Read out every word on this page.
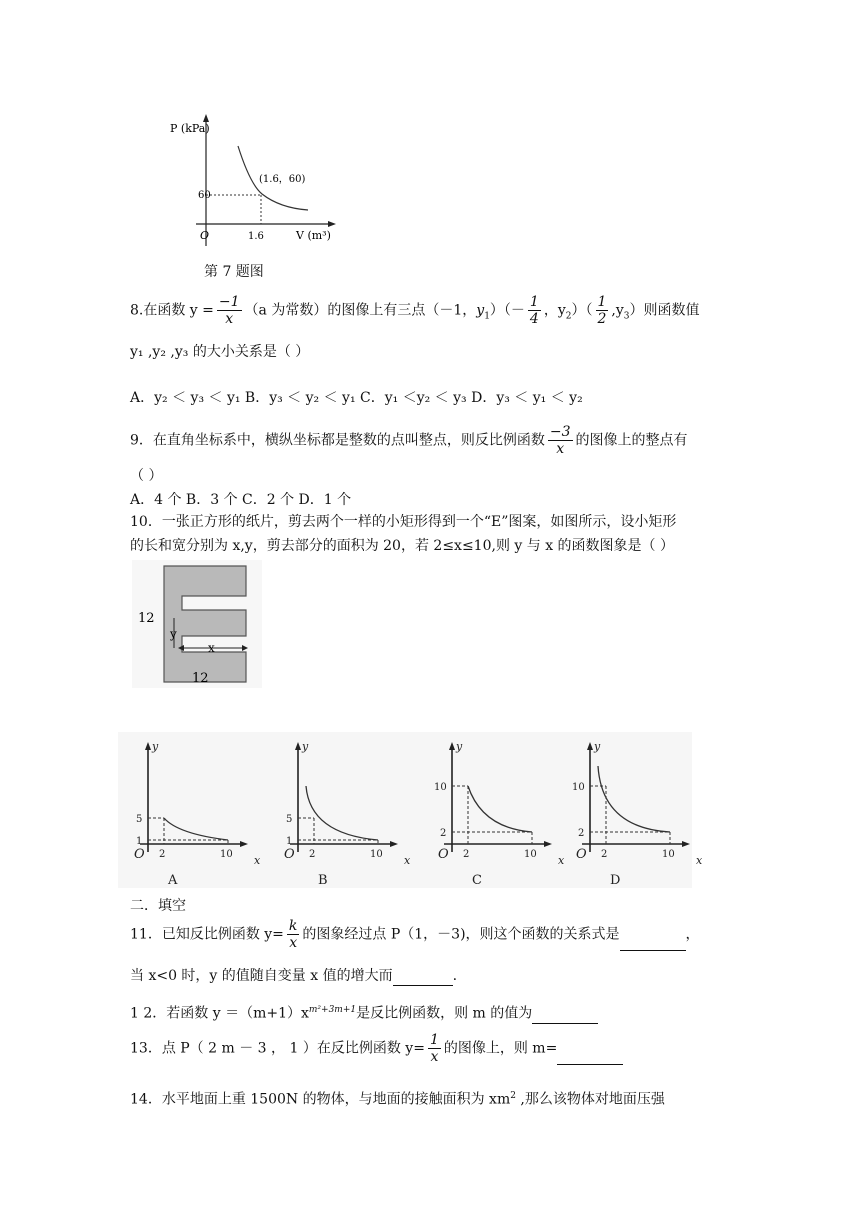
P (kPa)
(1.6，60)
60
1.6
O	V (m³)
第 7 题图
8.在函数 $y = \frac{-1}{x} (a$ 为常数）的图像上有三点（－1，$y_1)(- \frac{1}{4}$ ，$y_2)( \frac{1}{2} ,y_3)$则函数值
y₁ ,y₂ ,y₃ 的大小关系是（ ）
A．y₂ ＜ y₃ ＜ y₁ B．y₃ ＜ y₂ ＜ y₁ C．y₁ ＜y₂ ＜ y₃ D．y₃ ＜ y₁ ＜ y₂
9．在直角坐标系中，横纵坐标都是整数的点叫整点，则反比例函数 $\frac{-3}{x}$ 的图像上的整点有
（ ）
A．4 个 B．3 个 C．2 个 D．1 个
10．一张正方形的纸片，剪去两个一样的小矩形得到一个“E”图案，如图所示，设小矩形
的长和宽分别为 x,y，剪去部分的面积为 20，若 2≤x≤10,则 y 与 x 的函数图象是（ ）
12
12
x
y
y
x
O 2	10
5
1
A
y
x
O 2	10
5
1
B
y
x
O 2	10
10
2
C
y
x
O 2	10
10
2
D
二．填空
11．已知反比例函数 $y= \frac{k}{x}$ 的图象经过点 P（1，－3)，则这个函数的关系式是	，
当 x<0 时，y 的值随自变量 x 值的增大而	.
1 2．若函数 $y =(m+1)x^{m^2+3m+1}$是反比例函数，则 m 的值为
13．点 P（ 2 m － 3 ， 1 ）在反比例函数 $y= \frac{1}{x}$ 的图像上，则 m=
14．水平地面上重 1500N 的物体，与地面的接触面积为 $xm^2$ ,那么该物体对地面压强
